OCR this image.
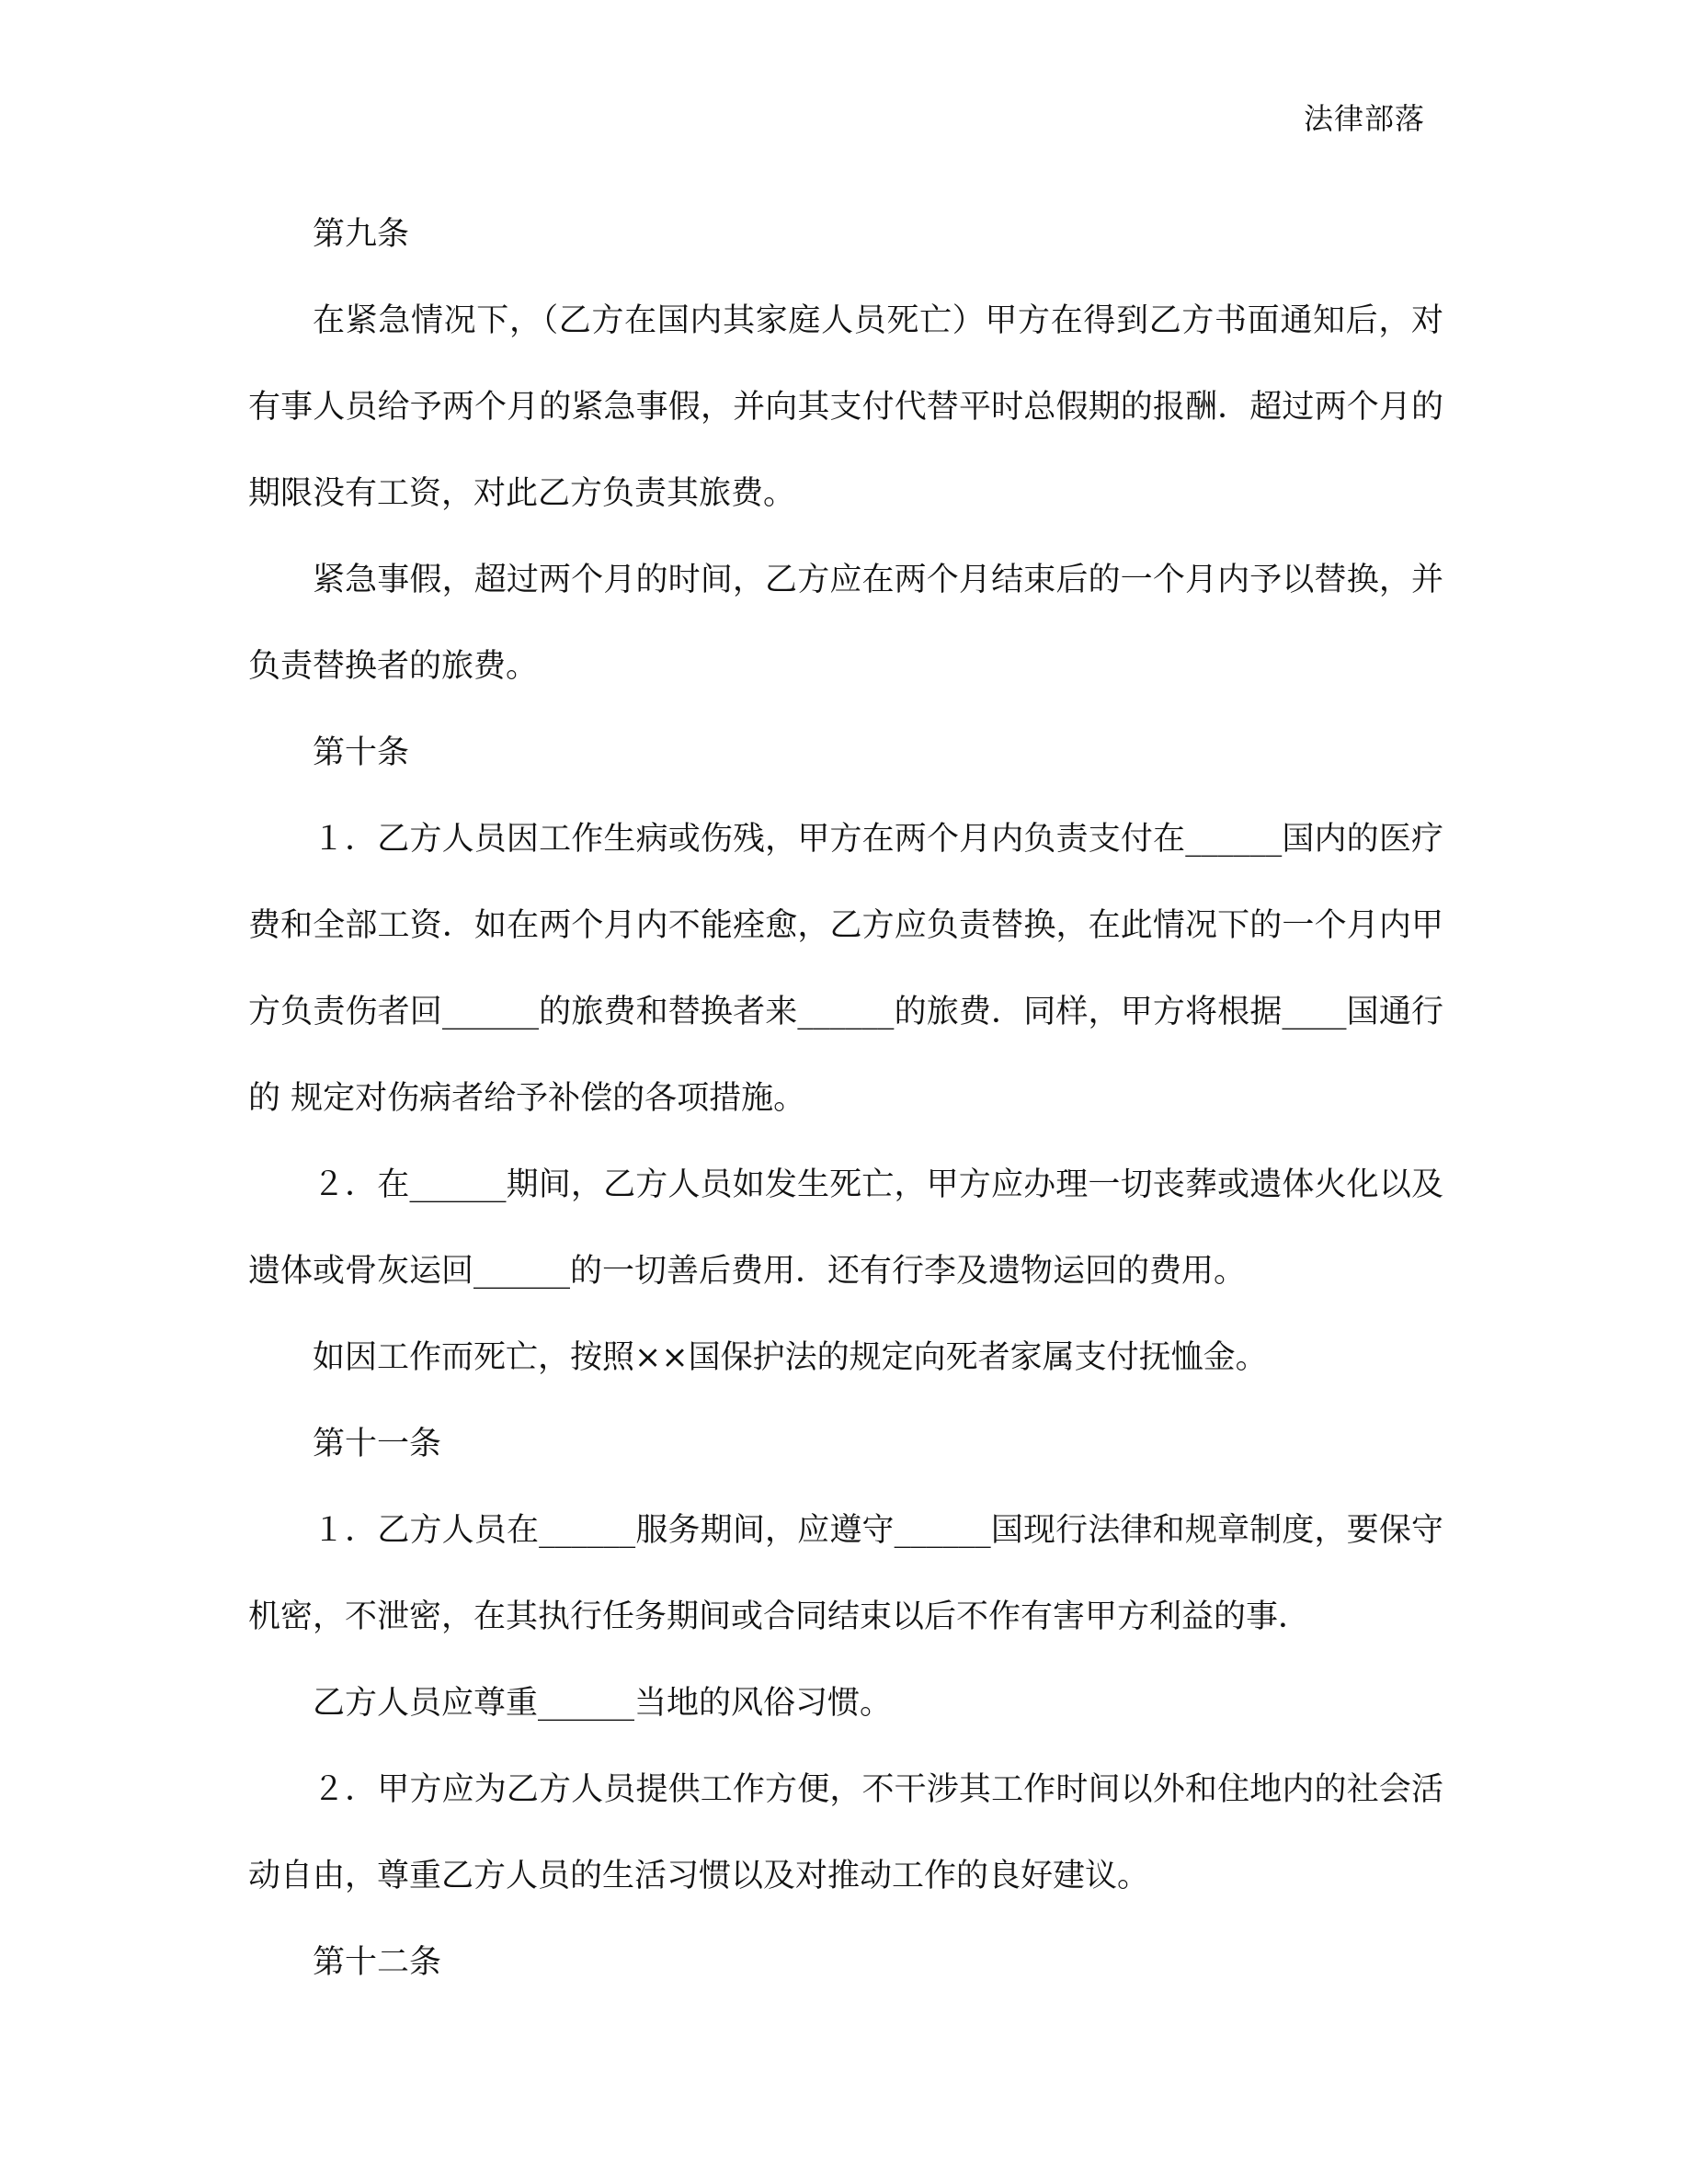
法律部落

第九条

在紧急情况下，（乙方在国内其家庭人员死亡）甲方在得到乙方书面通知后，对有事人员给予两个月的紧急事假，并向其支付代替平时总假期的报酬．超过两个月的期限没有工资，对此乙方负责其旅费。

紧急事假，超过两个月的时间，乙方应在两个月结束后的一个月内予以替换，并负责替换者的旅费。

第十条

１．乙方人员因工作生病或伤残，甲方在两个月内负责支付在______国内的医疗费和全部工资．如在两个月内不能痊愈，乙方应负责替换，在此情况下的一个月内甲方负责伤者回______的旅费和替换者来______的旅费．同样，甲方将根据____国通行的 规定对伤病者给予补偿的各项措施。

２．在______期间，乙方人员如发生死亡，甲方应办理一切丧葬或遗体火化以及遗体或骨灰运回______的一切善后费用．还有行李及遗物运回的费用。

如因工作而死亡，按照××国保护法的规定向死者家属支付抚恤金。

第十一条

１．乙方人员在______服务期间，应遵守______国现行法律和规章制度，要保守机密，不泄密，在其执行任务期间或合同结束以后不作有害甲方利益的事．

乙方人员应尊重______当地的风俗习惯。

２．甲方应为乙方人员提供工作方便，不干涉其工作时间以外和住地内的社会活动自由，尊重乙方人员的生活习惯以及对推动工作的良好建议。

第十二条
